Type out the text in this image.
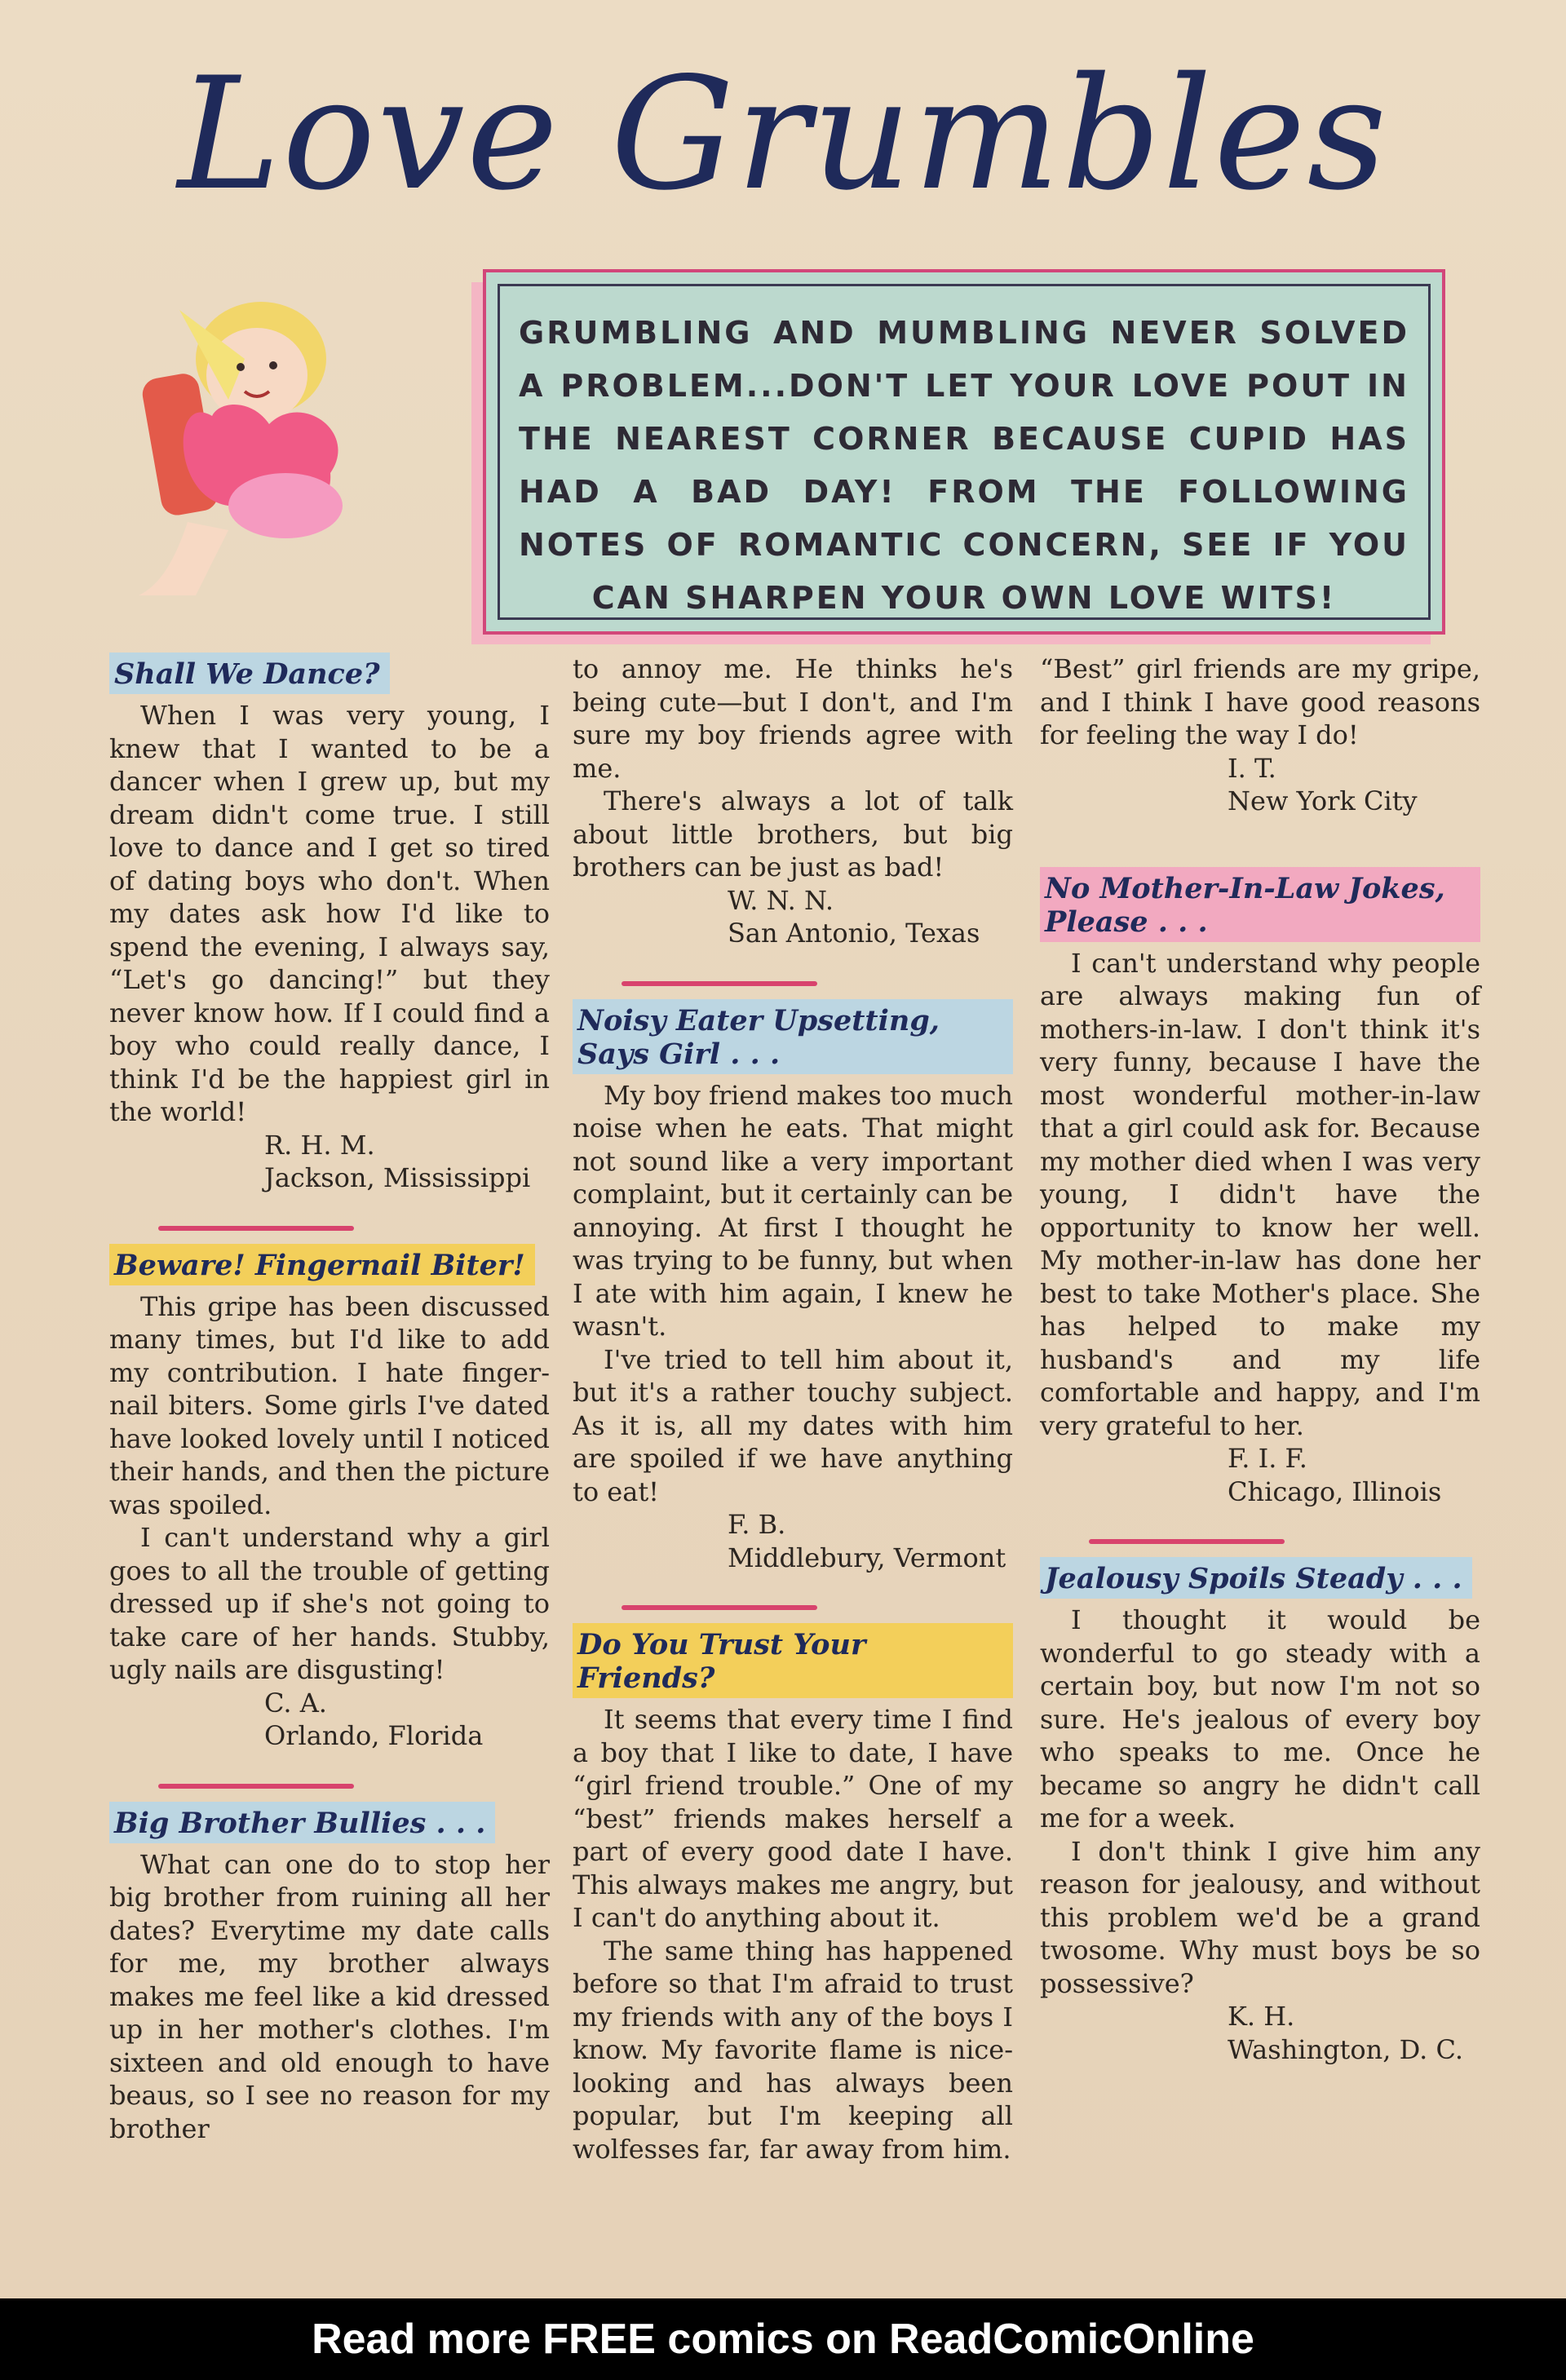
Love Grumbles

GRUMBLING AND MUMBLING NEVER SOLVED A PROBLEM...DON'T LET YOUR LOVE POUT IN THE NEAREST CORNER BECAUSE CUPID HAS HAD A BAD DAY! FROM THE FOLLOWING NOTES OF ROMANTIC CONCERN, SEE IF YOU CAN SHARPEN YOUR OWN LOVE WITS!

Shall We Dance?

When I was very young, I knew that I wanted to be a dancer when I grew up, but my dream didn't come true. I still love to dance and I get so tired of dating boys who don't. When my dates ask how I'd like to spend the evening, I always say, “Let's go dancing!” but they never know how. If I could find a boy who could really dance, I think I'd be the happiest girl in the world!

R. H. M.
Jackson, Mississippi
Beware! Fingernail Biter!

This gripe has been discussed many times, but I'd like to add my contribution. I hate finger-nail biters. Some girls I've dated have looked lovely until I noticed their hands, and then the picture was spoiled.

I can't understand why a girl goes to all the trouble of getting dressed up if she's not going to take care of her hands. Stubby, ugly nails are disgusting!

C. A.
Orlando, Florida
Big Brother Bullies . . .

What can one do to stop her big brother from ruining all her dates? Everytime my date calls for me, my brother always makes me feel like a kid dressed up in her mother's clothes. I'm sixteen and old enough to have beaus, so I see no reason for my brother

to annoy me. He thinks he's being cute—but I don't, and I'm sure my boy friends agree with me.

There's always a lot of talk about little brothers, but big brothers can be just as bad!

W. N. N.
San Antonio, Texas
Noisy Eater Upsetting, Says Girl . . .

My boy friend makes too much noise when he eats. That might not sound like a very important complaint, but it certainly can be annoying. At first I thought he was trying to be funny, but when I ate with him again, I knew he wasn't.

I've tried to tell him about it, but it's a rather touchy subject. As it is, all my dates with him are spoiled if we have anything to eat!

F. B.
Middlebury, Vermont
Do You Trust Your Friends?

It seems that every time I find a boy that I like to date, I have “girl friend trouble.” One of my “best” friends makes herself a part of every good date I have. This always makes me angry, but I can't do anything about it.

The same thing has happened before so that I'm afraid to trust my friends with any of the boys I know. My favorite flame is nice-looking and has always been popular, but I'm keeping all wolfesses far, far away from him.

“Best” girl friends are my gripe, and I think I have good reasons for feeling the way I do!

I. T.
New York City
No Mother-In-Law Jokes, Please . . .

I can't understand why people are always making fun of mothers-in-law. I don't think it's very funny, because I have the most wonderful mother-in-law that a girl could ask for. Because my mother died when I was very young, I didn't have the opportunity to know her well. My mother-in-law has done her best to take Mother's place. She has helped to make my husband's and my life comfortable and happy, and I'm very grateful to her.

F. I. F.
Chicago, Illinois
Jealousy Spoils Steady . . .

I thought it would be wonderful to go steady with a certain boy, but now I'm not so sure. He's jealous of every boy who speaks to me. Once he became so angry he didn't call me for a week.

I don't think I give him any reason for jealousy, and without this problem we'd be a grand twosome. Why must boys be so possessive?

K. H.
Washington, D. C.
Read more FREE comics on ReadComicOnline
